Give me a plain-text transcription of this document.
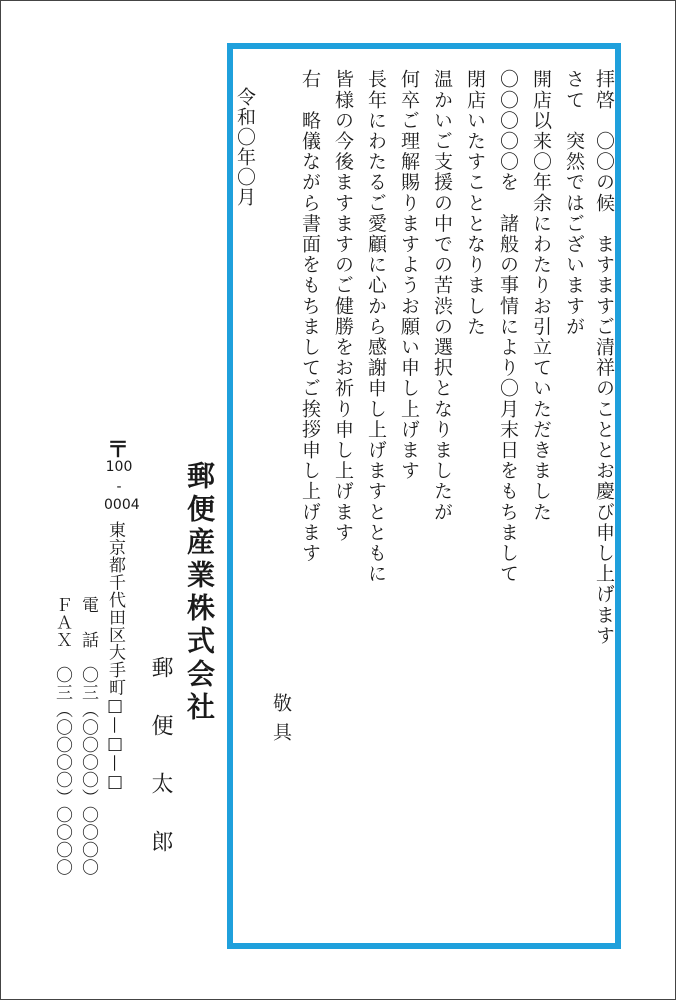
拝啓　〇〇の候　ますますご清祥のこととお慶び申し上げます
さて　突然ではございますが
開店以来〇年余にわたりお引立ていただきました
〇〇〇〇〇を　諸般の事情により〇月末日をもちまして
閉店いたすこととなりました
温かいご支援の中での苦渋の選択となりましたが
何卒ご理解賜りますようお願い申し上げます
長年にわたるご愛顧に心から感謝申し上げますとともに
皆様の今後ますますのご健勝をお祈り申し上げます
右　略儀ながら書面をもちましてご挨拶申し上げます
敬具
令和〇年〇月
郵便産業株式会社
郵便太郎
〒
100
-
0004
東京都千代田区大手町□—□—□
電　話　〇三（〇〇〇〇）〇〇〇〇
ＦＡＸ　〇三（〇〇〇〇）〇〇〇〇
